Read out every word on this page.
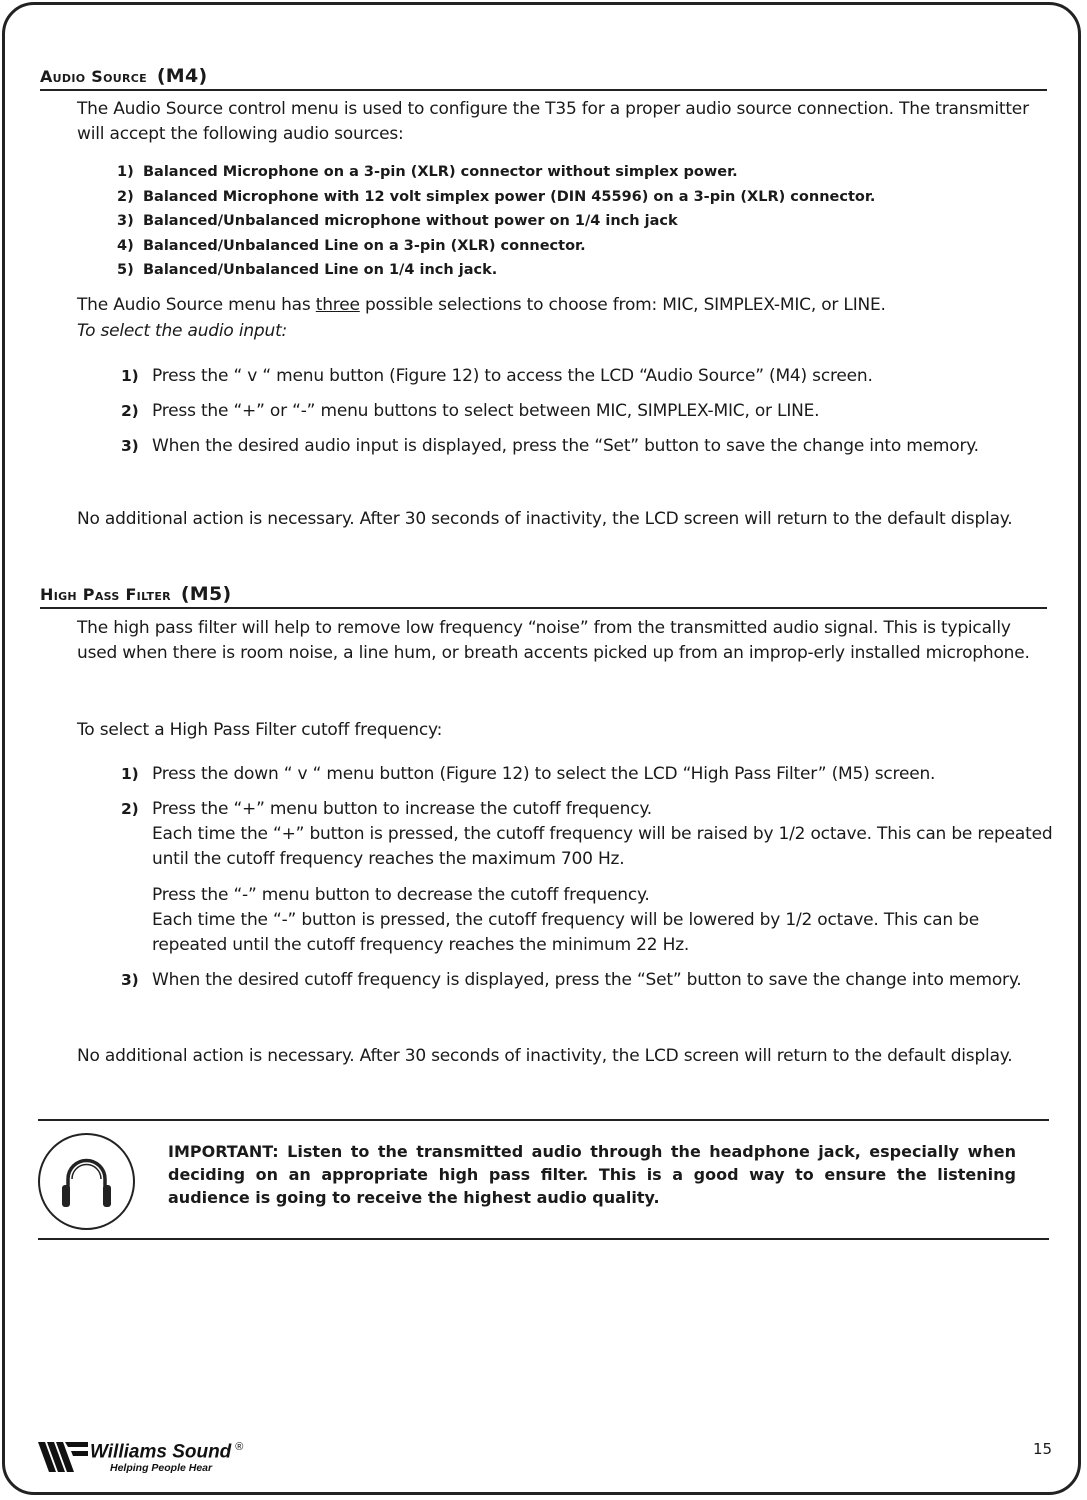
Audio Source (M4)
The Audio Source control menu is used to configure the T35 for a proper audio source connection. The transmitter will accept the following audio sources:
1) Balanced Microphone on a 3-pin (XLR) connector without simplex power.
2) Balanced Microphone with 12 volt simplex power (DIN 45596) on a 3-pin (XLR) connector.
3) Balanced/Unbalanced microphone without power on 1/4 inch jack
4) Balanced/Unbalanced Line on a 3-pin (XLR) connector.
5) Balanced/Unbalanced Line on 1/4 inch jack.
The Audio Source menu has three possible selections to choose from: MIC, SIMPLEX-MIC, or LINE.
To select the audio input:
1) Press the “ v “ menu button (Figure 12) to access the LCD “Audio Source” (M4) screen.
2) Press the “+” or “-” menu buttons to select between MIC, SIMPLEX-MIC, or LINE.
3) When the desired audio input is displayed, press the “Set” button to save the change into memory.
No additional action is necessary. After 30 seconds of inactivity, the LCD screen will return to the default display.
High Pass Filter (M5)
The high pass filter will help to remove low frequency “noise” from the transmitted audio signal. This is typically used when there is room noise, a line hum, or breath accents picked up from an improp-erly installed microphone.
To select a High Pass Filter cutoff frequency:
1) Press the down “ v “ menu button (Figure 12) to select the LCD “High Pass Filter” (M5) screen.
2) Press the “+” menu button to increase the cutoff frequency.
Each time the “+” button is pressed, the cutoff frequency will be raised by 1/2 octave. This can be repeated until the cutoff frequency reaches the maximum 700 Hz.
Press the “-” menu button to decrease the cutoff frequency.
Each time the “-” button is pressed, the cutoff frequency will be lowered by 1/2 octave. This can be repeated until the cutoff frequency reaches the minimum 22 Hz.
3) When the desired cutoff frequency is displayed, press the “Set” button to save the change into memory.
No additional action is necessary. After 30 seconds of inactivity, the LCD screen will return to the default display.
IMPORTANT: Listen to the transmitted audio through the headphone jack, especially when deciding on an appropriate high pass filter. This is a good way to ensure the listening audience is going to receive the highest audio quality.
Williams Sound ®
Helping People Hear
15
